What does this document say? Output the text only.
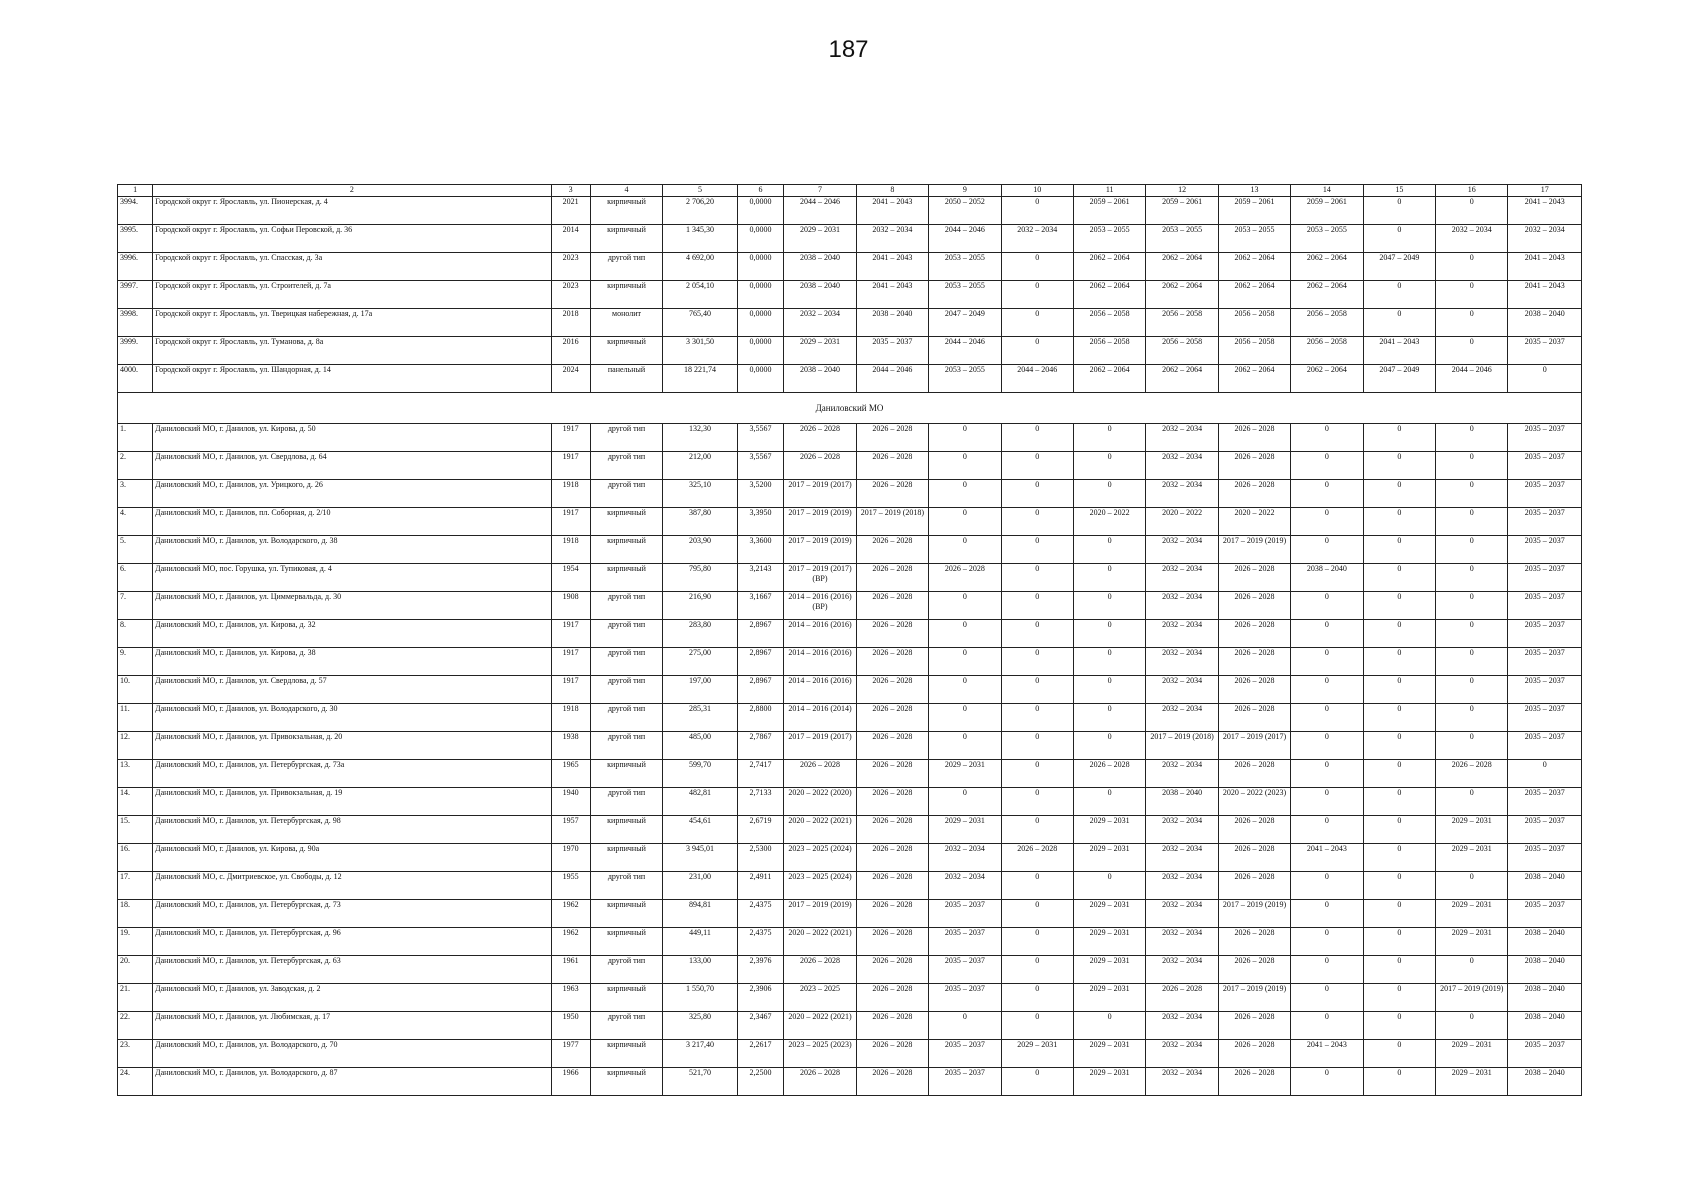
187
1	2	3	4	5	6	7	8	9	10	11	12	13	14	15	16	17
3994.	Городской округ г. Ярославль, ул. Пионерская, д. 4	2021	кирпичный	2 706,20	0,0000	2044 – 2046	2041 – 2043	2050 – 2052	0	2059 – 2061	2059 – 2061	2059 – 2061	2059 – 2061	0	0	2041 – 2043
3995.	Городской округ г. Ярославль, ул. Софьи Перовской, д. 36	2014	кирпичный	1 345,30	0,0000	2029 – 2031	2032 – 2034	2044 – 2046	2032 – 2034	2053 – 2055	2053 – 2055	2053 – 2055	2053 – 2055	0	2032 – 2034	2032 – 2034
3996.	Городской округ г. Ярославль, ул. Спасская, д. 3а	2023	другой тип	4 692,00	0,0000	2038 – 2040	2041 – 2043	2053 – 2055	0	2062 – 2064	2062 – 2064	2062 – 2064	2062 – 2064	2047 – 2049	0	2041 – 2043
3997.	Городской округ г. Ярославль, ул. Строителей, д. 7а	2023	кирпичный	2 054,10	0,0000	2038 – 2040	2041 – 2043	2053 – 2055	0	2062 – 2064	2062 – 2064	2062 – 2064	2062 – 2064	0	0	2041 – 2043
3998.	Городской округ г. Ярославль, ул. Тверицкая набережная, д. 17а	2018	монолит	765,40	0,0000	2032 – 2034	2038 – 2040	2047 – 2049	0	2056 – 2058	2056 – 2058	2056 – 2058	2056 – 2058	0	0	2038 – 2040
3999.	Городской округ г. Ярославль, ул. Туманова, д. 8а	2016	кирпичный	3 301,50	0,0000	2029 – 2031	2035 – 2037	2044 – 2046	0	2056 – 2058	2056 – 2058	2056 – 2058	2056 – 2058	2041 – 2043	0	2035 – 2037
4000.	Городской округ г. Ярославль, ул. Шандорная, д. 14	2024	панельный	18 221,74	0,0000	2038 – 2040	2044 – 2046	2053 – 2055	2044 – 2046	2062 – 2064	2062 – 2064	2062 – 2064	2062 – 2064	2047 – 2049	2044 – 2046	0
Даниловский МО																
1.	Даниловский МО, г. Данилов, ул. Кирова, д. 50	1917	другой тип	132,30	3,5567	2026 – 2028	2026 – 2028	0	0	0	2032 – 2034	2026 – 2028	0	0	0	2035 – 2037
2.	Даниловский МО, г. Данилов, ул. Свердлова, д. 64	1917	другой тип	212,00	3,5567	2026 – 2028	2026 – 2028	0	0	0	2032 – 2034	2026 – 2028	0	0	0	2035 – 2037
3.	Даниловский МО, г. Данилов, ул. Урицкого, д. 26	1918	другой тип	325,10	3,5200	2017 – 2019 (2017)	2026 – 2028	0	0	0	2032 – 2034	2026 – 2028	0	0	0	2035 – 2037
4.	Даниловский МО, г. Данилов, пл. Соборная, д. 2/10	1917	кирпичный	387,80	3,3950	2017 – 2019 (2019)	2017 – 2019 (2018)	0	0	2020 – 2022	2020 – 2022	2020 – 2022	0	0	0	2035 – 2037
5.	Даниловский МО, г. Данилов, ул. Володарского, д. 38	1918	кирпичный	203,90	3,3600	2017 – 2019 (2019)	2026 – 2028	0	0	0	2032 – 2034	2017 – 2019 (2019)	0	0	0	2035 – 2037
6.	Даниловский МО, пос. Горушка, ул. Тупиковая, д. 4	1954	кирпичный	795,80	3,2143	2017 – 2019 (2017) (ВР)	2026 – 2028	2026 – 2028	0	0	2032 – 2034	2026 – 2028	2038 – 2040	0	0	2035 – 2037
7.	Даниловский МО, г. Данилов, ул. Циммервальда, д. 30	1908	другой тип	216,90	3,1667	2014 – 2016 (2016) (ВР)	2026 – 2028	0	0	0	2032 – 2034	2026 – 2028	0	0	0	2035 – 2037
8.	Даниловский МО, г. Данилов, ул. Кирова, д. 32	1917	другой тип	283,80	2,8967	2014 – 2016 (2016)	2026 – 2028	0	0	0	2032 – 2034	2026 – 2028	0	0	0	2035 – 2037
9.	Даниловский МО, г. Данилов, ул. Кирова, д. 38	1917	другой тип	275,00	2,8967	2014 – 2016 (2016)	2026 – 2028	0	0	0	2032 – 2034	2026 – 2028	0	0	0	2035 – 2037
10.	Даниловский МО, г. Данилов, ул. Свердлова, д. 57	1917	другой тип	197,00	2,8967	2014 – 2016 (2016)	2026 – 2028	0	0	0	2032 – 2034	2026 – 2028	0	0	0	2035 – 2037
11.	Даниловский МО, г. Данилов, ул. Володарского, д. 30	1918	другой тип	285,31	2,8800	2014 – 2016 (2014)	2026 – 2028	0	0	0	2032 – 2034	2026 – 2028	0	0	0	2035 – 2037
12.	Даниловский МО, г. Данилов, ул. Привокзальная, д. 20	1938	другой тип	485,00	2,7867	2017 – 2019 (2017)	2026 – 2028	0	0	0	2017 – 2019 (2018)	2017 – 2019 (2017)	0	0	0	2035 – 2037
13.	Даниловский МО, г. Данилов, ул. Петербургская, д. 73а	1965	кирпичный	599,70	2,7417	2026 – 2028	2026 – 2028	2029 – 2031	0	2026 – 2028	2032 – 2034	2026 – 2028	0	0	2026 – 2028	0
14.	Даниловский МО, г. Данилов, ул. Привокзальная, д. 19	1940	другой тип	482,81	2,7133	2020 – 2022 (2020)	2026 – 2028	0	0	0	2038 – 2040	2020 – 2022 (2023)	0	0	0	2035 – 2037
15.	Даниловский МО, г. Данилов, ул. Петербургская, д. 98	1957	кирпичный	454,61	2,6719	2020 – 2022 (2021)	2026 – 2028	2029 – 2031	0	2029 – 2031	2032 – 2034	2026 – 2028	0	0	2029 – 2031	2035 – 2037
16.	Даниловский МО, г. Данилов, ул. Кирова, д. 90а	1970	кирпичный	3 945,01	2,5300	2023 – 2025 (2024)	2026 – 2028	2032 – 2034	2026 – 2028	2029 – 2031	2032 – 2034	2026 – 2028	2041 – 2043	0	2029 – 2031	2035 – 2037
17.	Даниловский МО, с. Дмитриевское, ул. Свободы, д. 12	1955	другой тип	231,00	2,4911	2023 – 2025 (2024)	2026 – 2028	2032 – 2034	0	0	2032 – 2034	2026 – 2028	0	0	0	2038 – 2040
18.	Даниловский МО, г. Данилов, ул. Петербургская, д. 73	1962	кирпичный	894,81	2,4375	2017 – 2019 (2019)	2026 – 2028	2035 – 2037	0	2029 – 2031	2032 – 2034	2017 – 2019 (2019)	0	0	2029 – 2031	2035 – 2037
19.	Даниловский МО, г. Данилов, ул. Петербургская, д. 96	1962	кирпичный	449,11	2,4375	2020 – 2022 (2021)	2026 – 2028	2035 – 2037	0	2029 – 2031	2032 – 2034	2026 – 2028	0	0	2029 – 2031	2038 – 2040
20.	Даниловский МО, г. Данилов, ул. Петербургская, д. 63	1961	другой тип	133,00	2,3976	2026 – 2028	2026 – 2028	2035 – 2037	0	2029 – 2031	2032 – 2034	2026 – 2028	0	0	0	2038 – 2040
21.	Даниловский МО, г. Данилов, ул. Заводская, д. 2	1963	кирпичный	1 550,70	2,3906	2023 – 2025	2026 – 2028	2035 – 2037	0	2029 – 2031	2026 – 2028	2017 – 2019 (2019)	0	0	2017 – 2019 (2019)	2038 – 2040
22.	Даниловский МО, г. Данилов, ул. Любимская, д. 17	1950	другой тип	325,80	2,3467	2020 – 2022 (2021)	2026 – 2028	0	0	0	2032 – 2034	2026 – 2028	0	0	0	2038 – 2040
23.	Даниловский МО, г. Данилов, ул. Володарского, д. 70	1977	кирпичный	3 217,40	2,2617	2023 – 2025 (2023)	2026 – 2028	2035 – 2037	2029 – 2031	2029 – 2031	2032 – 2034	2026 – 2028	2041 – 2043	0	2029 – 2031	2035 – 2037
24.	Даниловский МО, г. Данилов, ул. Володарского, д. 87	1966	кирпичный	521,70	2,2500	2026 – 2028	2026 – 2028	2035 – 2037	0	2029 – 2031	2032 – 2034	2026 – 2028	0	0	2029 – 2031	2038 – 2040
